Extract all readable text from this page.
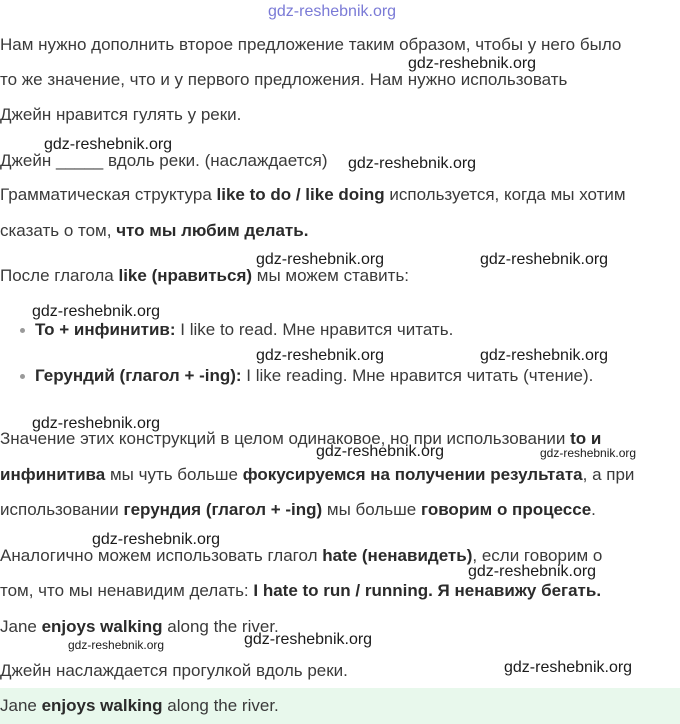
gdz-reshebnik.org
Нам нужно дополнить второе предложение таким образом, чтобы у него было
то же значение, что и у первого предложения. Нам нужно использовать
Джейн нравится гулять у реки.
Джейн _____ вдоль реки. (наслаждается)
Грамматическая структура like to do / like doing используется, когда мы хотим
сказать о том, что мы любим делать.
После глагола like (нравиться) мы можем ставить:
To + инфинитив: I like to read. Мне нравится читать.
Герундий (глагол + -ing): I like reading. Мне нравится читать (чтение).
Значение этих конструкций в целом одинаковое, но при использовании to и
инфинитива мы чуть больше фокусируемся на получении результата, а при
использовании герундия (глагол + -ing) мы больше говорим о процессе.
Аналогично можем использовать глагол hate (ненавидеть), если говорим о
том, что мы ненавидим делать: I hate to run / running. Я ненавижу бегать.
Jane enjoys walking along the river.
Джейн наслаждается прогулкой вдоль реки.
Jane enjoys walking along the river.
gdz-reshebnik.org
gdz-reshebnik.org
gdz-reshebnik.org
gdz-reshebnik.org	gdz-reshebnik.org
gdz-reshebnik.org
gdz-reshebnik.org	gdz-reshebnik.org
gdz-reshebnik.org
gdz-reshebnik.org	gdz-reshebnik.org
gdz-reshebnik.org
gdz-reshebnik.org
gdz-reshebnik.org	gdz-reshebnik.org
gdz-reshebnik.org
